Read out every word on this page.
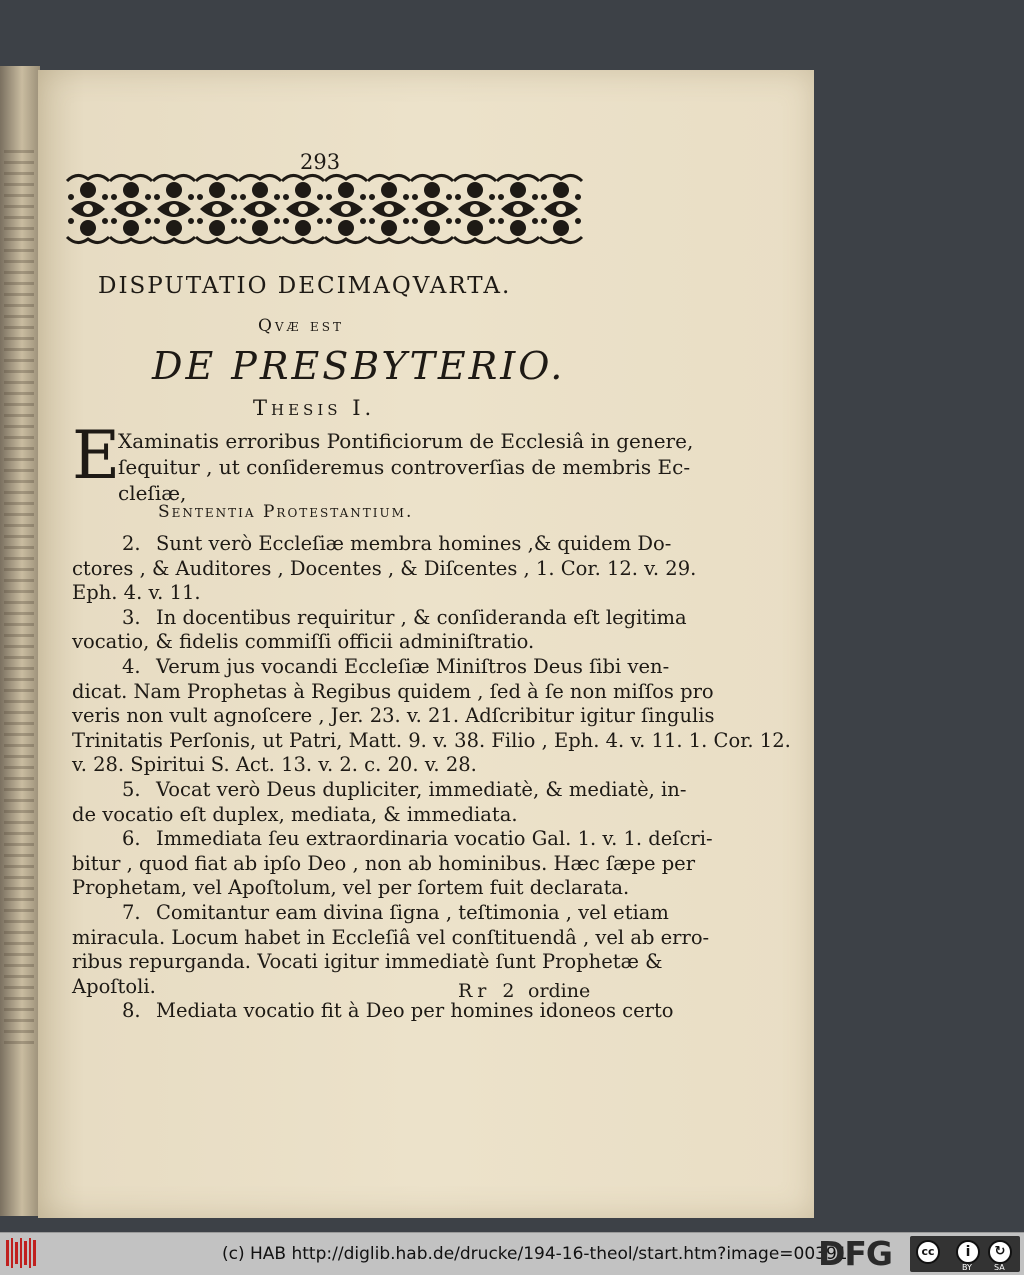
293
DISPUTATIO DECIMAQVARTA.
Qvæ est
DE PRESBYTERIO.
Thesis I.
E
Xaminatis erroribus Pontificiorum de Ecclesiâ in genere,
ſequitur , ut conſideremus controverſias de membris Ec-
cleſiæ,
Sententia Protestantium.
2. Sunt verò Eccleſiæ membra homines ,& quidem Do-
ctores , & Auditores , Docentes , & Diſcentes , 1. Cor. 12. v. 29.
Eph. 4. v. 11.
3. In docentibus requiritur , & conſideranda eſt legitima
vocatio, & fidelis commiſſi officii adminiſtratio.
4. Verum jus vocandi Eccleſiæ Miniſtros Deus ſibi ven-
dicat. Nam Prophetas à Regibus quidem , ſed à ſe non miſſos pro
veris non vult agnoſcere , Jer. 23. v. 21. Adſcribitur igitur ſingulis
Trinitatis Perſonis, ut Patri, Matt. 9. v. 38. Filio , Eph. 4. v. 11. 1. Cor. 12.
v. 28. Spiritui S. Act. 13. v. 2. c. 20. v. 28.
5. Vocat verò Deus dupliciter, immediatè, & mediatè, in-
de vocatio eſt duplex, mediata, & immediata.
6. Immediata ſeu extraordinaria vocatio Gal. 1. v. 1. deſcri-
bitur , quod fiat ab ipſo Deo , non ab hominibus. Hæc ſæpe per
Prophetam, vel Apoſtolum, vel per ſortem fuit declarata.
7. Comitantur eam divina ſigna , teſtimonia , vel etiam
miracula. Locum habet in Eccleſiâ vel conſtituendâ , vel ab erro-
ribus repurganda. Vocati igitur immediatè ſunt Prophetæ &
Apoſtoli.
8. Mediata vocatio fit à Deo per homines idoneos certo
Rr 2 ordine
(c) HAB http://diglib.hab.de/drucke/194-16-theol/start.htm?image=00391
DFG	cc	i	↻
BY	SA
